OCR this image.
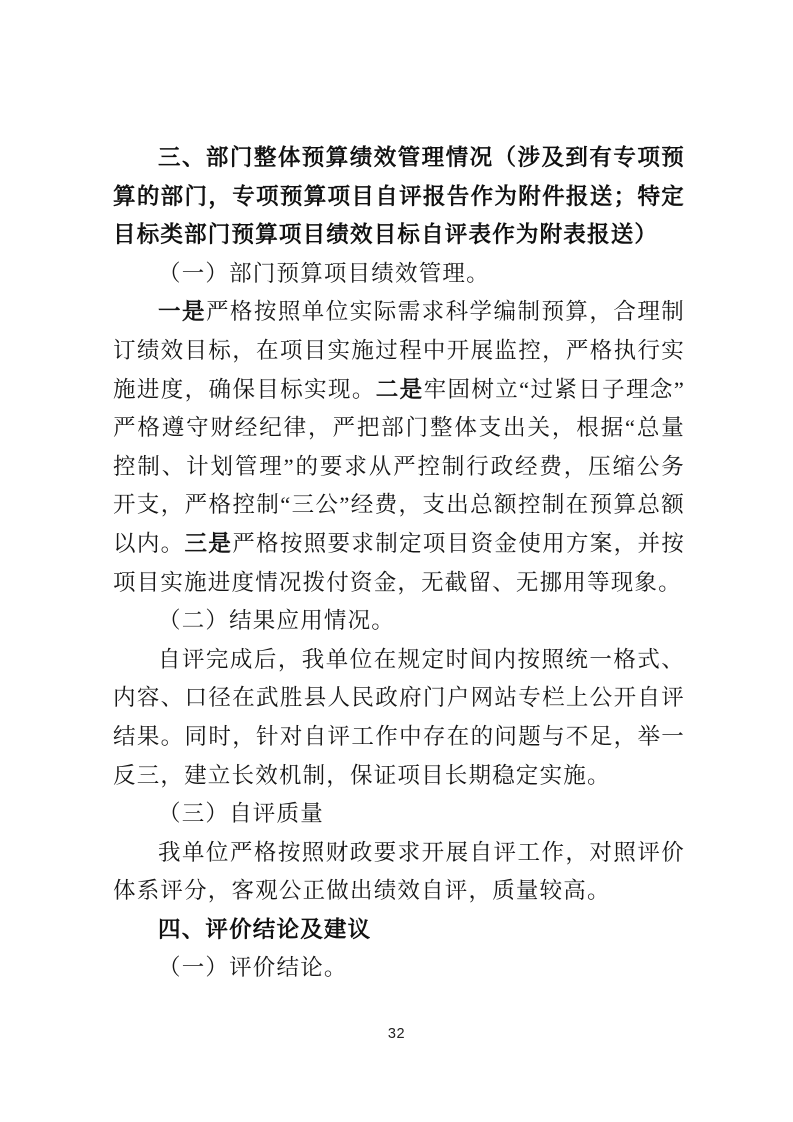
三、部门整体预算绩效管理情况（涉及到有专项预算的部门，专项预算项目自评报告作为附件报送；特定目标类部门预算项目绩效目标自评表作为附表报送）

（一）部门预算项目绩效管理。

一是严格按照单位实际需求科学编制预算，合理制订绩效目标，在项目实施过程中开展监控，严格执行实施进度，确保目标实现。二是牢固树立“过紧日子理念”严格遵守财经纪律，严把部门整体支出关，根据“总量控制、计划管理”的要求从严控制行政经费，压缩公务开支，严格控制“三公”经费，支出总额控制在预算总额以内。三是严格按照要求制定项目资金使用方案，并按项目实施进度情况拨付资金，无截留、无挪用等现象。

（二）结果应用情况。

自评完成后，我单位在规定时间内按照统一格式、内容、口径在武胜县人民政府门户网站专栏上公开自评结果。同时，针对自评工作中存在的问题与不足，举一反三，建立长效机制，保证项目长期稳定实施。

（三）自评质量

我单位严格按照财政要求开展自评工作，对照评价体系评分，客观公正做出绩效自评，质量较高。

四、评价结论及建议

（一）评价结论。

32
